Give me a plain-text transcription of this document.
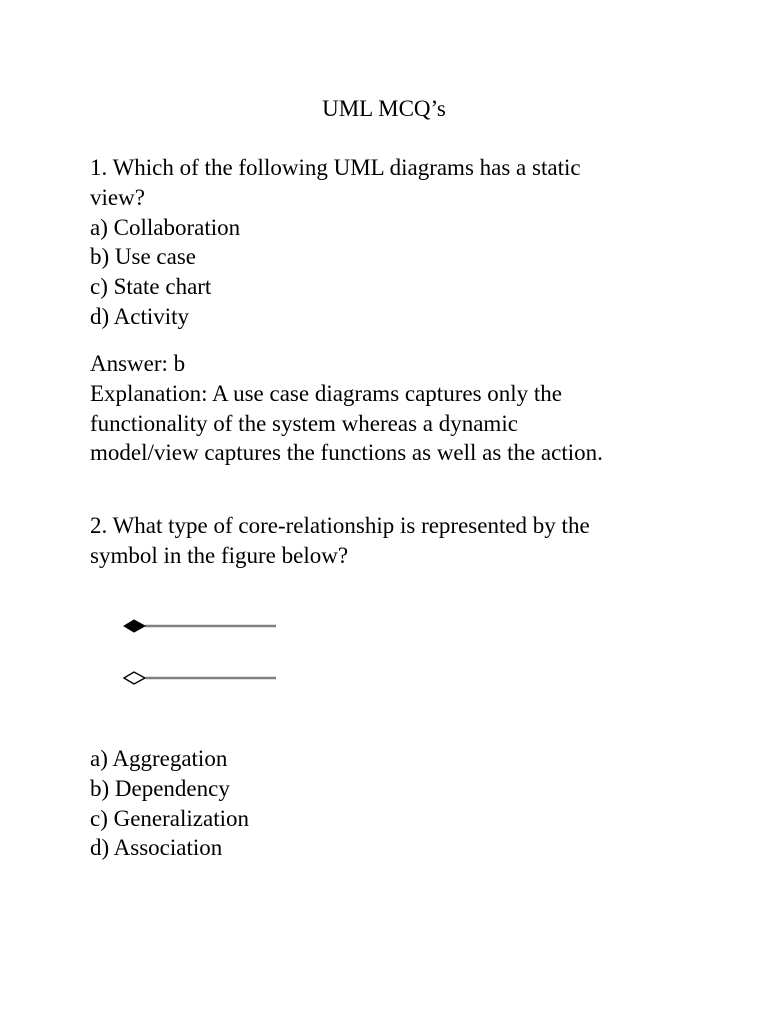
UML MCQ’s
1. Which of the following UML diagrams has a static
view?
a) Collaboration
b) Use case
c) State chart
d) Activity
Answer: b
Explanation: A use case diagrams captures only the
functionality of the system whereas a dynamic
model/view captures the functions as well as the action.
2. What type of core-relationship is represented by the
symbol in the figure below?
a) Aggregation
b) Dependency
c) Generalization
d) Association
